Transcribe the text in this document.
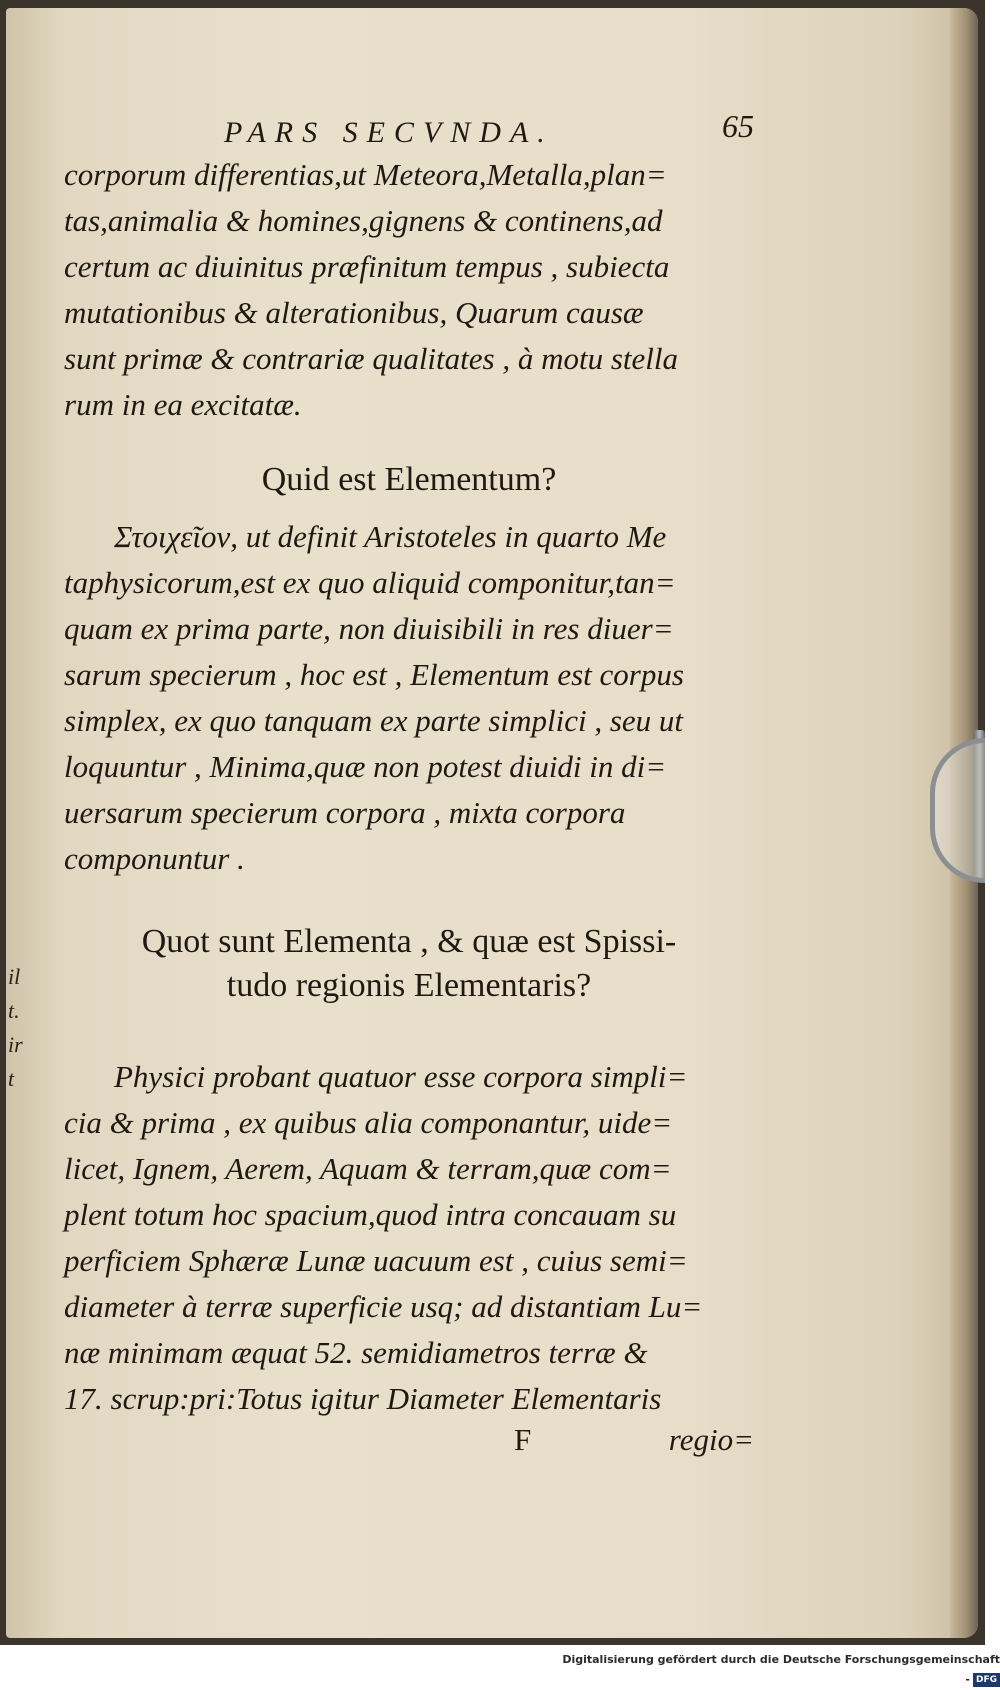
il
t.
ir
t
PARS SECVNDA.	65
corporum differentias,ut Meteora,Metalla,plan=
tas,animalia & homines,gignens & continens,ad
certum ac diuinitus præfinitum tempus , subiecta
mutationibus & alterationibus, Quarum causæ
sunt primæ & contrariæ qualitates , à motu stella
rum in ea excitatæ.
Quid est Elementum?
Στοιχεῖον, ut definit Aristoteles in quarto Me
taphysicorum,est ex quo aliquid componitur,tan=
quam ex prima parte, non diuisibili in res diuer=
sarum specierum , hoc est , Elementum est corpus
simplex, ex quo tanquam ex parte simplici , seu ut
loquuntur , Minima,quæ non potest diuidi in di=
uersarum specierum corpora , mixta corpora
componuntur .
Quot sunt Elementa , & quæ est Spissi-
tudo regionis Elementaris?
Physici probant quatuor esse corpora simpli=
cia & prima , ex quibus alia componantur, uide=
licet, Ignem, Aerem, Aquam & terram,quæ com=
plent totum hoc spacium,quod intra concauam su
perficiem Sphæræ Lunæ uacuum est , cuius semi=
diameter à terræ superficie usq; ad distantiam Lu=
næ minimam æquat 52. semidiametros terræ &
17. scrup:pri:Totus igitur Diameter Elementaris
F	regio=
Digitalisierung gefördert durch die Deutsche Forschungsgemeinschaft - DFG
